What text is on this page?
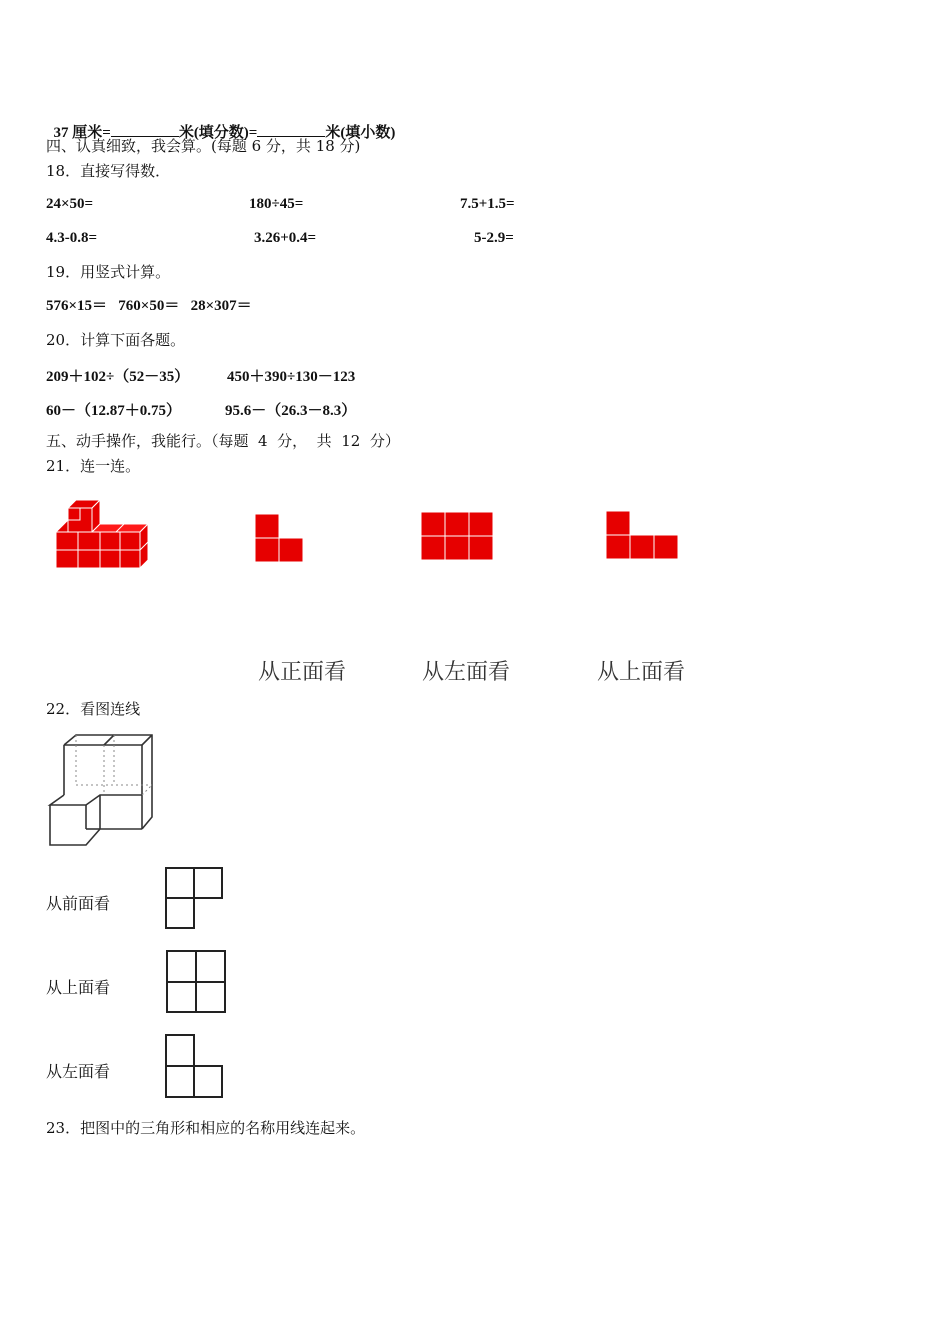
37 厘米=	米(填分数)=	米(填小数)

四、认真细致，我会算。(每题 6 分，共 18 分)
18．直接写得数．
24×50=	180÷45=	7.5+1.5=
4.3-0.8=	3.26+0.4=	5-2.9=
19．用竖式计算。
576×15＝   760×50＝   28×307＝
20．计算下面各题。
209＋102÷（52－35）	450＋390÷130－123
60－（12.87＋0.75）	95.6－（26.3－8.3）
五、动手操作，我能行。（每题  4  分，  共  12  分）
21．连一连。
从正面看	从左面看	从上面看
22．看图连线
从前面看
从上面看
从左面看
23．把图中的三角形和相应的名称用线连起来。
